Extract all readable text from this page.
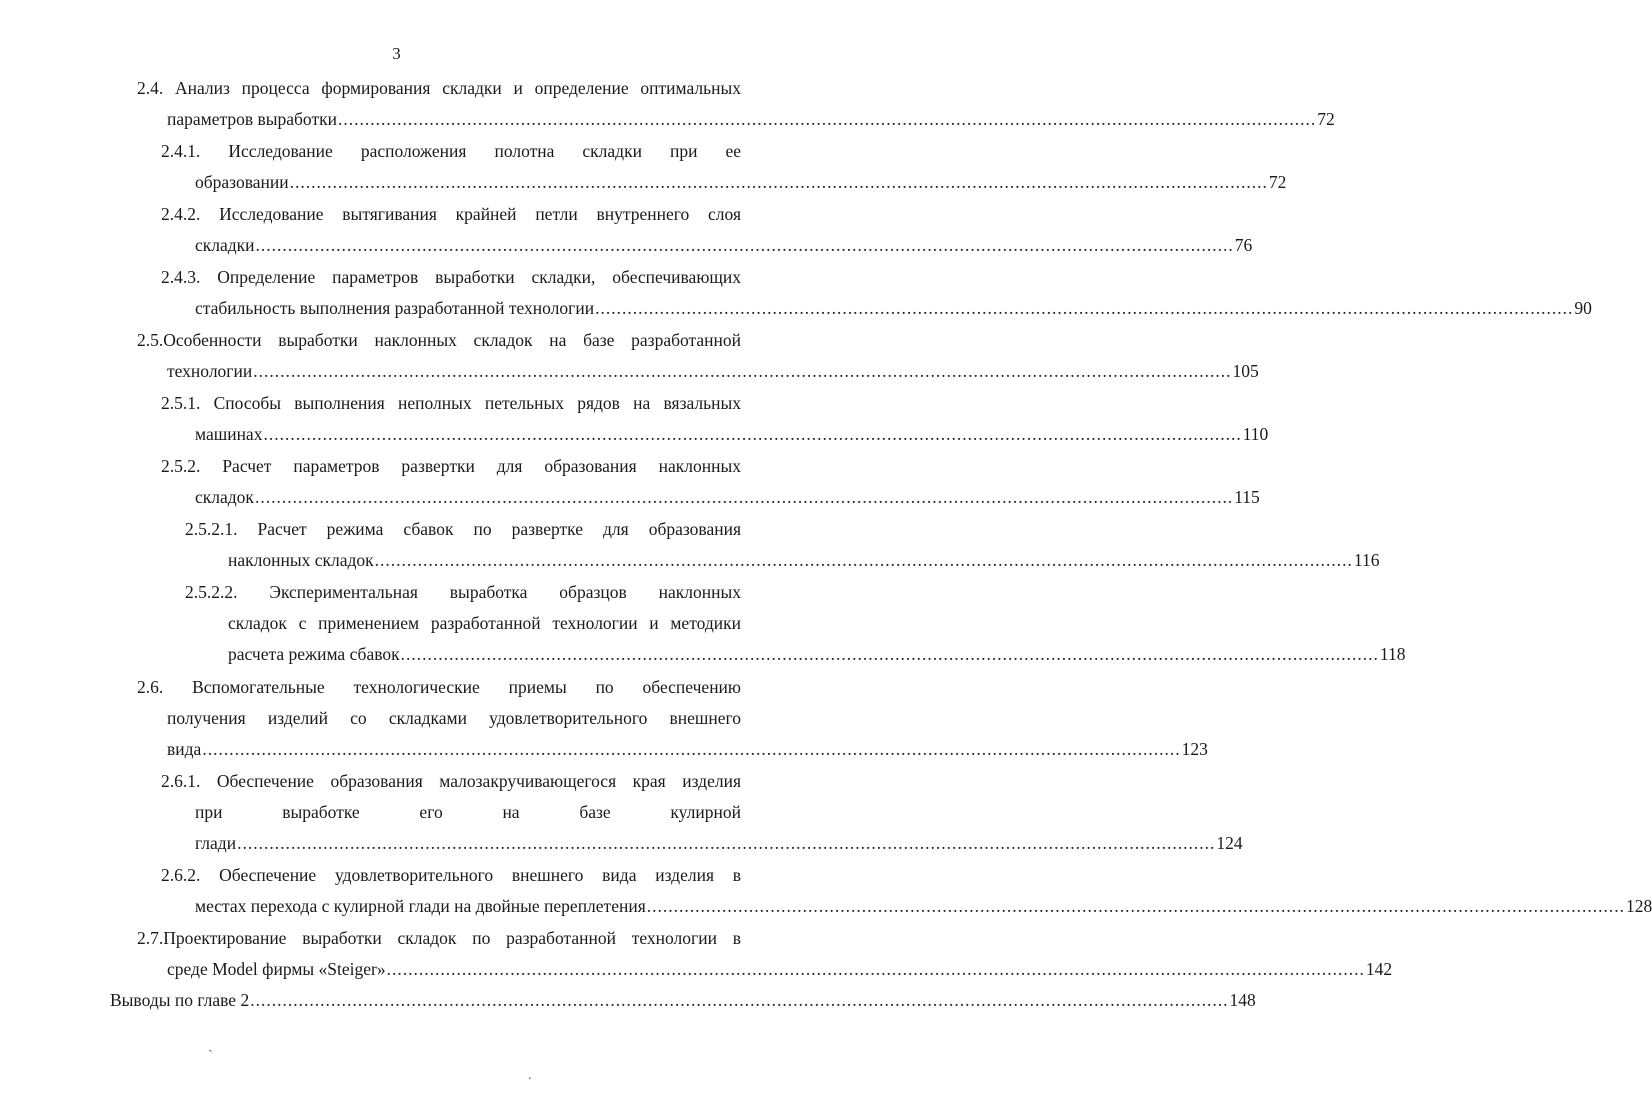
3
2.4. Анализ процесса формирования складки и определение оптимальных
параметров выработки ...................................................................................................................................................................................... 72
2.4.1. Исследование расположения полотна складки при ее
образовании ...................................................................................................................................................................................... 72
2.4.2. Исследование вытягивания крайней петли внутреннего слоя
складки ...................................................................................................................................................................................... 76
2.4.3. Определение параметров выработки складки, обеспечивающих
стабильность выполнения разработанной технологии ...................................................................................................................................................................................... 90
2.5.Особенности выработки наклонных складок на базе разработанной
технологии ...................................................................................................................................................................................... 105
2.5.1. Способы выполнения неполных петельных рядов на вязальных
машинах ...................................................................................................................................................................................... 110
2.5.2. Расчет параметров развертки для образования наклонных
складок ...................................................................................................................................................................................... 115
2.5.2.1. Расчет режима сбавок по развертке для образования
наклонных складок ...................................................................................................................................................................................... 116
2.5.2.2. Экспериментальная выработка образцов наклонных
складок с применением разработанной технологии и методики
расчета режима сбавок ...................................................................................................................................................................................... 118
2.6. Вспомогательные технологические приемы по обеспечению
получения изделий со складками удовлетворительного внешнего
вида ...................................................................................................................................................................................... 123
2.6.1. Обеспечение образования малозакручивающегося края изделия
при выработке его на базе кулирной
глади ...................................................................................................................................................................................... 124
2.6.2. Обеспечение удовлетворительного внешнего вида изделия в
местах перехода с кулирной глади на двойные переплетения ...................................................................................................................................................................................... 128
2.7.Проектирование выработки складок по разработанной технологии в
среде Model фирмы «Steiger» ...................................................................................................................................................................................... 142
Выводы по главе 2 ...................................................................................................................................................................................... 148
ˏ
.
